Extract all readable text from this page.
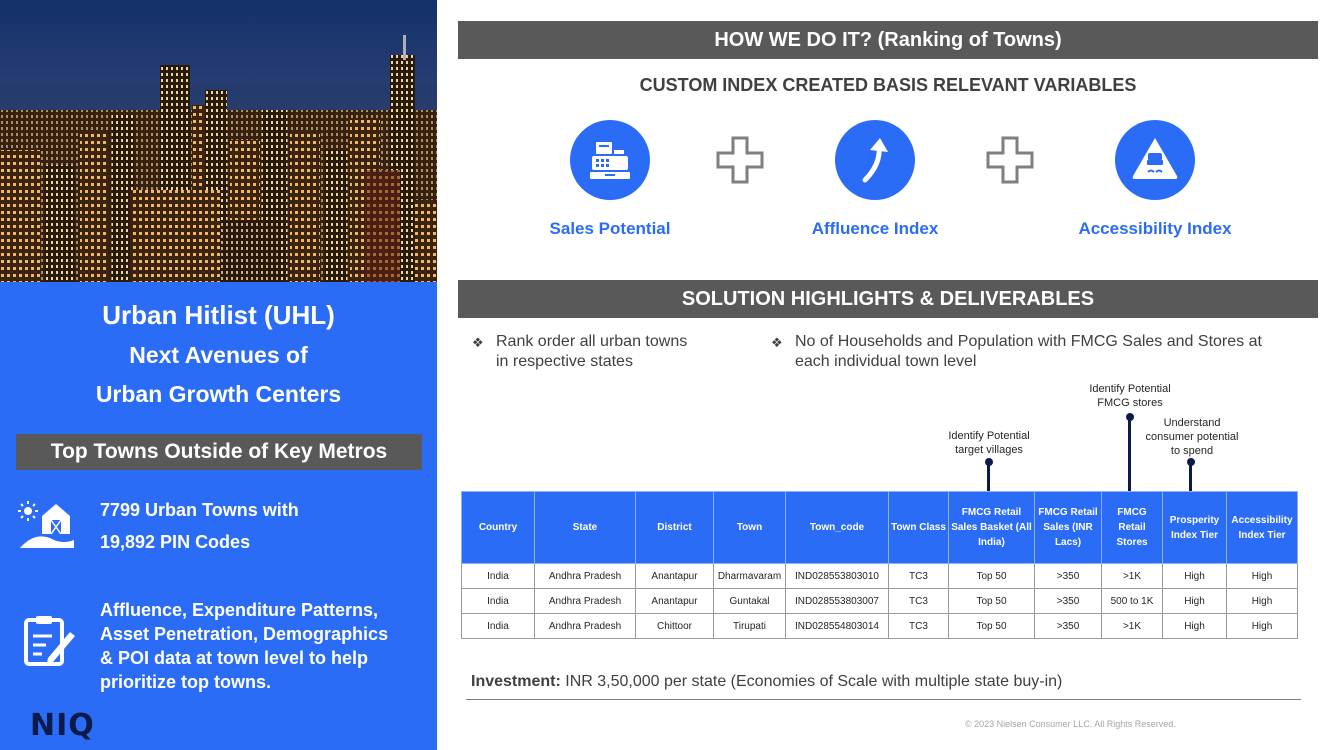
Urban Hitlist (UHL)
Next Avenues of
Urban Growth Centers
Top Towns Outside of Key Metros
7799 Urban Towns with
19,892 PIN Codes
Affluence, Expenditure Patterns,
Asset Penetration, Demographics
& POI data at town level to help
prioritize top towns.
NIQ
HOW WE DO IT? (Ranking of Towns)
CUSTOM INDEX CREATED BASIS RELEVANT VARIABLES
Sales Potential	Affluence Index	Accessibility Index
SOLUTION HIGHLIGHTS & DELIVERABLES
❖ Rank order all urban towns
in respective states
❖ No of Households and Population with FMCG Sales and Stores at
each individual town level
Identify Potential
target villages
Identify Potential
FMCG stores
Understand
consumer potential
to spend
Country	State	District	Town	Town_code	Town Class	FMCG Retail Sales Basket (All India)	FMCG Retail Sales (INR Lacs)	FMCG Retail Stores	Prosperity Index Tier	Accessibility Index Tier
India	Andhra Pradesh	Anantapur	Dharmavaram	IND028553803010	TC3	Top 50	>350	>1K	High	High
India	Andhra Pradesh	Anantapur	Guntakal	IND028553803007	TC3	Top 50	>350	500 to 1K	High	High
India	Andhra Pradesh	Chittoor	Tirupati	IND028554803014	TC3	Top 50	>350	>1K	High	High
Investment: INR 3,50,000 per state (Economies of Scale with multiple state buy-in)
© 2023 Nielsen Consumer LLC. All Rights Reserved.
